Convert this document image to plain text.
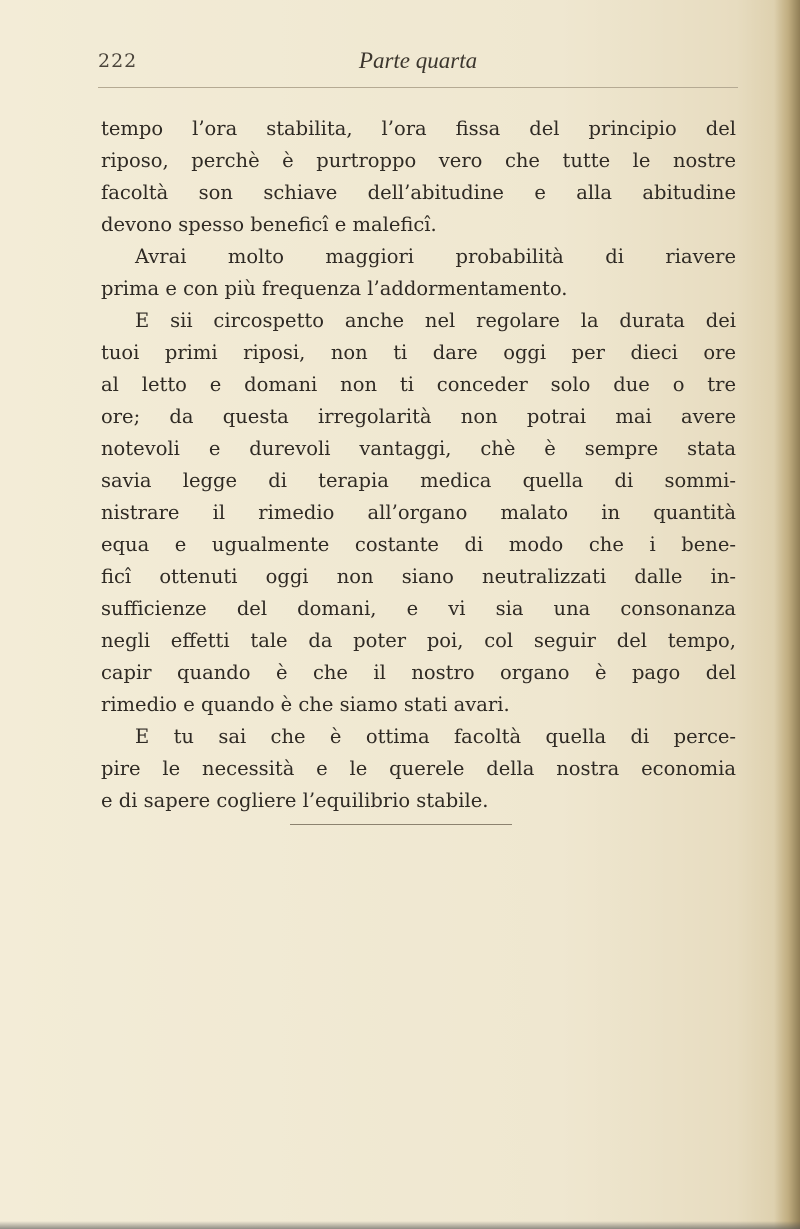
222	Parte quarta
tempo l’ora stabilita, l’ora fissa del principio del
riposo, perchè è purtroppo vero che tutte le nostre
facoltà son schiave dell’abitudine e alla abitudine
devono spesso beneficî e maleficî.
Avrai molto maggiori probabilità di riavere
prima e con più frequenza l’addormentamento.
E sii circospetto anche nel regolare la durata dei
tuoi primi riposi, non ti dare oggi per dieci ore
al letto e domani non ti conceder solo due o tre
ore; da questa irregolarità non potrai mai avere
notevoli e durevoli vantaggi, chè è sempre stata
savia legge di terapia medica quella di sommi-
nistrare il rimedio all’organo malato in quantità
equa e ugualmente costante di modo che i bene-
ficî ottenuti oggi non siano neutralizzati dalle in-
sufficienze del domani, e vi sia una consonanza
negli effetti tale da poter poi, col seguir del tempo,
capir quando è che il nostro organo è pago del
rimedio e quando è che siamo stati avari.
E tu sai che è ottima facoltà quella di perce-
pire le necessità e le querele della nostra economia
e di sapere cogliere l’equilibrio stabile.
